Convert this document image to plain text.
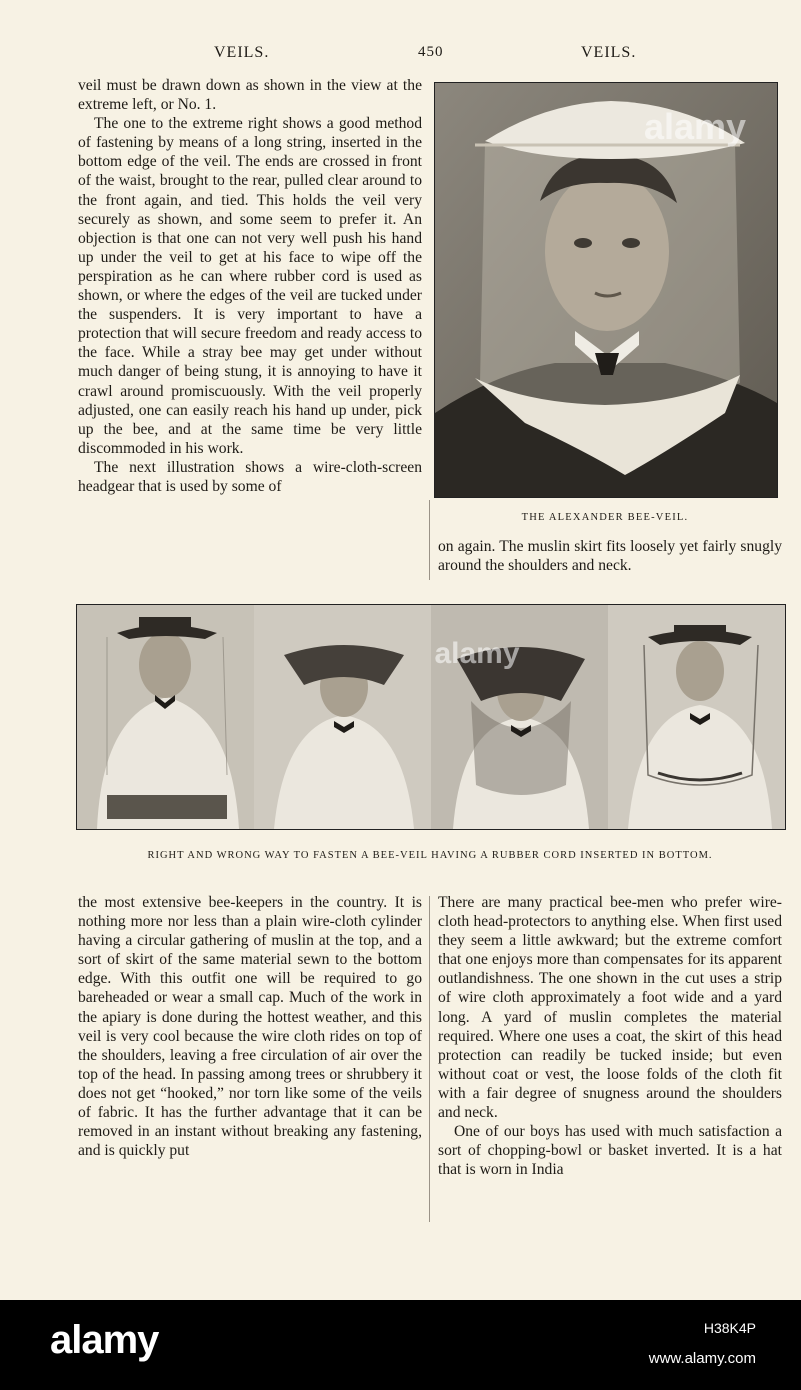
VEILS.	450	VEILS.

veil must be drawn down as shown in the view at the extreme left, or No. 1.

The one to the extreme right shows a good method of fastening by means of a long string, inserted in the bottom edge of the veil. The ends are crossed in front of the waist, brought to the rear, pulled clear around to the front again, and tied. This holds the veil very securely as shown, and some seem to prefer it. An objection is that one can not very well push his hand up under the veil to get at his face to wipe off the perspiration as he can where rubber cord is used as shown, or where the edges of the veil are tucked under the suspenders. It is very important to have a protection that will secure freedom and ready access to the face. While a stray bee may get under without much danger of being stung, it is annoying to have it crawl around promiscuously. With the veil properly adjusted, one can easily reach his hand up under, pick up the bee, and at the same time be very little discommoded in his work.

The next illustration shows a wire-cloth-screen headgear that is used by some of

alamy
THE ALEXANDER BEE-VEIL.

on again. The muslin skirt fits loosely yet fairly snugly around the shoulders and neck.

alamy
RIGHT AND WRONG WAY TO FASTEN A BEE-VEIL HAVING A RUBBER CORD INSERTED IN BOTTOM.

the most extensive bee-keepers in the country. It is nothing more nor less than a plain wire-cloth cylinder having a circular gathering of muslin at the top, and a sort of skirt of the same material sewn to the bottom edge. With this outfit one will be required to go bareheaded or wear a small cap. Much of the work in the apiary is done during the hottest weather, and this veil is very cool because the wire cloth rides on top of the shoulders, leaving a free circulation of air over the top of the head. In passing among trees or shrubbery it does not get “hooked,” nor torn like some of the veils of fabric. It has the further advantage that it can be removed in an instant without breaking any fastening, and is quickly put

There are many practical bee-men who prefer wire-cloth head-protectors to anything else. When first used they seem a little awkward; but the extreme comfort that one enjoys more than compensates for its apparent outlandishness. The one shown in the cut uses a strip of wire cloth approximately a foot wide and a yard long. A yard of muslin completes the material required. Where one uses a coat, the skirt of this head protection can readily be tucked inside; but even without coat or vest, the loose folds of the cloth fit with a fair degree of snugness around the shoulders and neck.

One of our boys has used with much satisfaction a sort of chopping-bowl or basket inverted. It is a hat that is worn in India

alamy	H38K4P
www.alamy.com
